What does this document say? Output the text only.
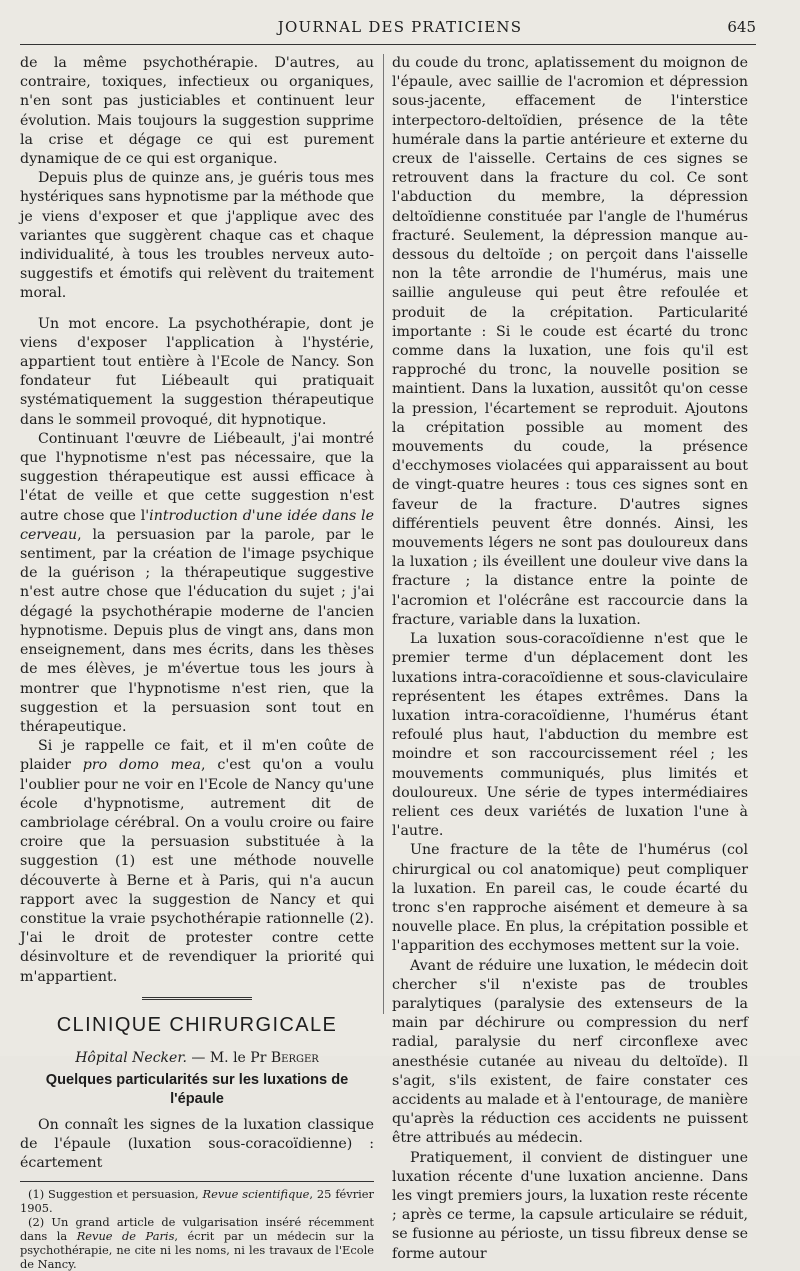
JOURNAL DES PRATICIENS	645

de la même psychothérapie. D'autres, au contraire, toxiques, infectieux ou organiques, n'en sont pas justiciables et continuent leur évolution. Mais toujours la suggestion supprime la crise et dégage ce qui est purement dynamique de ce qui est organique.

Depuis plus de quinze ans, je guéris tous mes hystériques sans hypnotisme par la méthode que je viens d'exposer et que j'applique avec des variantes que suggèrent chaque cas et chaque individualité, à tous les troubles nerveux auto-suggestifs et émotifs qui relèvent du traitement moral.

Un mot encore. La psychothérapie, dont je viens d'exposer l'application à l'hystérie, appartient tout entière à l'Ecole de Nancy. Son fondateur fut Liébeault qui pratiquait systématiquement la suggestion thérapeutique dans le sommeil provoqué, dit hypnotique.

Continuant l'œuvre de Liébeault, j'ai montré que l'hypnotisme n'est pas nécessaire, que la suggestion thérapeutique est aussi efficace à l'état de veille et que cette suggestion n'est autre chose que l'introduction d'une idée dans le cerveau, la persuasion par la parole, par le sentiment, par la création de l'image psychique de la guérison ; la thérapeutique suggestive n'est autre chose que l'éducation du sujet ; j'ai dégagé la psychothérapie moderne de l'ancien hypnotisme. Depuis plus de vingt ans, dans mon enseignement, dans mes écrits, dans les thèses de mes élèves, je m'évertue tous les jours à montrer que l'hypnotisme n'est rien, que la suggestion et la persuasion sont tout en thérapeutique.

Si je rappelle ce fait, et il m'en coûte de plaider pro domo mea, c'est qu'on a voulu l'oublier pour ne voir en l'Ecole de Nancy qu'une école d'hypnotisme, autrement dit de cambriolage cérébral. On a voulu croire ou faire croire que la persuasion substituée à la suggestion (1) est une méthode nouvelle découverte à Berne et à Paris, qui n'a aucun rapport avec la suggestion de Nancy et qui constitue la vraie psychothérapie rationnelle (2). J'ai le droit de protester contre cette désinvolture et de revendiquer la priorité qui m'appartient.

CLINIQUE CHIRURGICALE
Hôpital Necker. — M. le Pr Berger
Quelques particularités sur les luxations de l'épaule

On connaît les signes de la luxation classique de l'épaule (luxation sous-coracoïdienne) : écartement

(1) Suggestion et persuasion, Revue scientifique, 25 février 1905.

(2) Un grand article de vulgarisation inséré récemment dans la Revue de Paris, écrit par un médecin sur la psychothérapie, ne cite ni les noms, ni les travaux de l'Ecole de Nancy.

du coude du tronc, aplatissement du moignon de l'épaule, avec saillie de l'acromion et dépression sous-jacente, effacement de l'interstice interpectoro-deltoïdien, présence de la tête humérale dans la partie antérieure et externe du creux de l'aisselle. Certains de ces signes se retrouvent dans la fracture du col. Ce sont l'abduction du membre, la dépression deltoïdienne constituée par l'angle de l'humérus fracturé. Seulement, la dépression manque au-dessous du deltoïde ; on perçoit dans l'aisselle non la tête arrondie de l'humérus, mais une saillie anguleuse qui peut être refoulée et produit de la crépitation. Particularité importante : Si le coude est écarté du tronc comme dans la luxation, une fois qu'il est rapproché du tronc, la nouvelle position se maintient. Dans la luxation, aussitôt qu'on cesse la pression, l'écartement se reproduit. Ajoutons la crépitation possible au moment des mouvements du coude, la présence d'ecchymoses violacées qui apparaissent au bout de vingt-quatre heures : tous ces signes sont en faveur de la fracture. D'autres signes différentiels peuvent être donnés. Ainsi, les mouvements légers ne sont pas douloureux dans la luxation ; ils éveillent une douleur vive dans la fracture ; la distance entre la pointe de l'acromion et l'olécrâne est raccourcie dans la fracture, variable dans la luxation.

La luxation sous-coracoïdienne n'est que le premier terme d'un déplacement dont les luxations intra-coracoïdienne et sous-claviculaire représentent les étapes extrêmes. Dans la luxation intra-coracoïdienne, l'humérus étant refoulé plus haut, l'abduction du membre est moindre et son raccourcissement réel ; les mouvements communiqués, plus limités et douloureux. Une série de types intermédiaires relient ces deux variétés de luxation l'une à l'autre.

Une fracture de la tête de l'humérus (col chirurgical ou col anatomique) peut compliquer la luxation. En pareil cas, le coude écarté du tronc s'en rapproche aisément et demeure à sa nouvelle place. En plus, la crépitation possible et l'apparition des ecchymoses mettent sur la voie.

Avant de réduire une luxation, le médecin doit chercher s'il n'existe pas de troubles paralytiques (paralysie des extenseurs de la main par déchirure ou compression du nerf radial, paralysie du nerf circonflexe avec anesthésie cutanée au niveau du deltoïde). Il s'agit, s'ils existent, de faire constater ces accidents au malade et à l'entourage, de manière qu'après la réduction ces accidents ne puissent être attribués au médecin.

Pratiquement, il convient de distinguer une luxation récente d'une luxation ancienne. Dans les vingt premiers jours, la luxation reste récente ; après ce terme, la capsule articulaire se réduit, se fusionne au périoste, un tissu fibreux dense se forme autour
